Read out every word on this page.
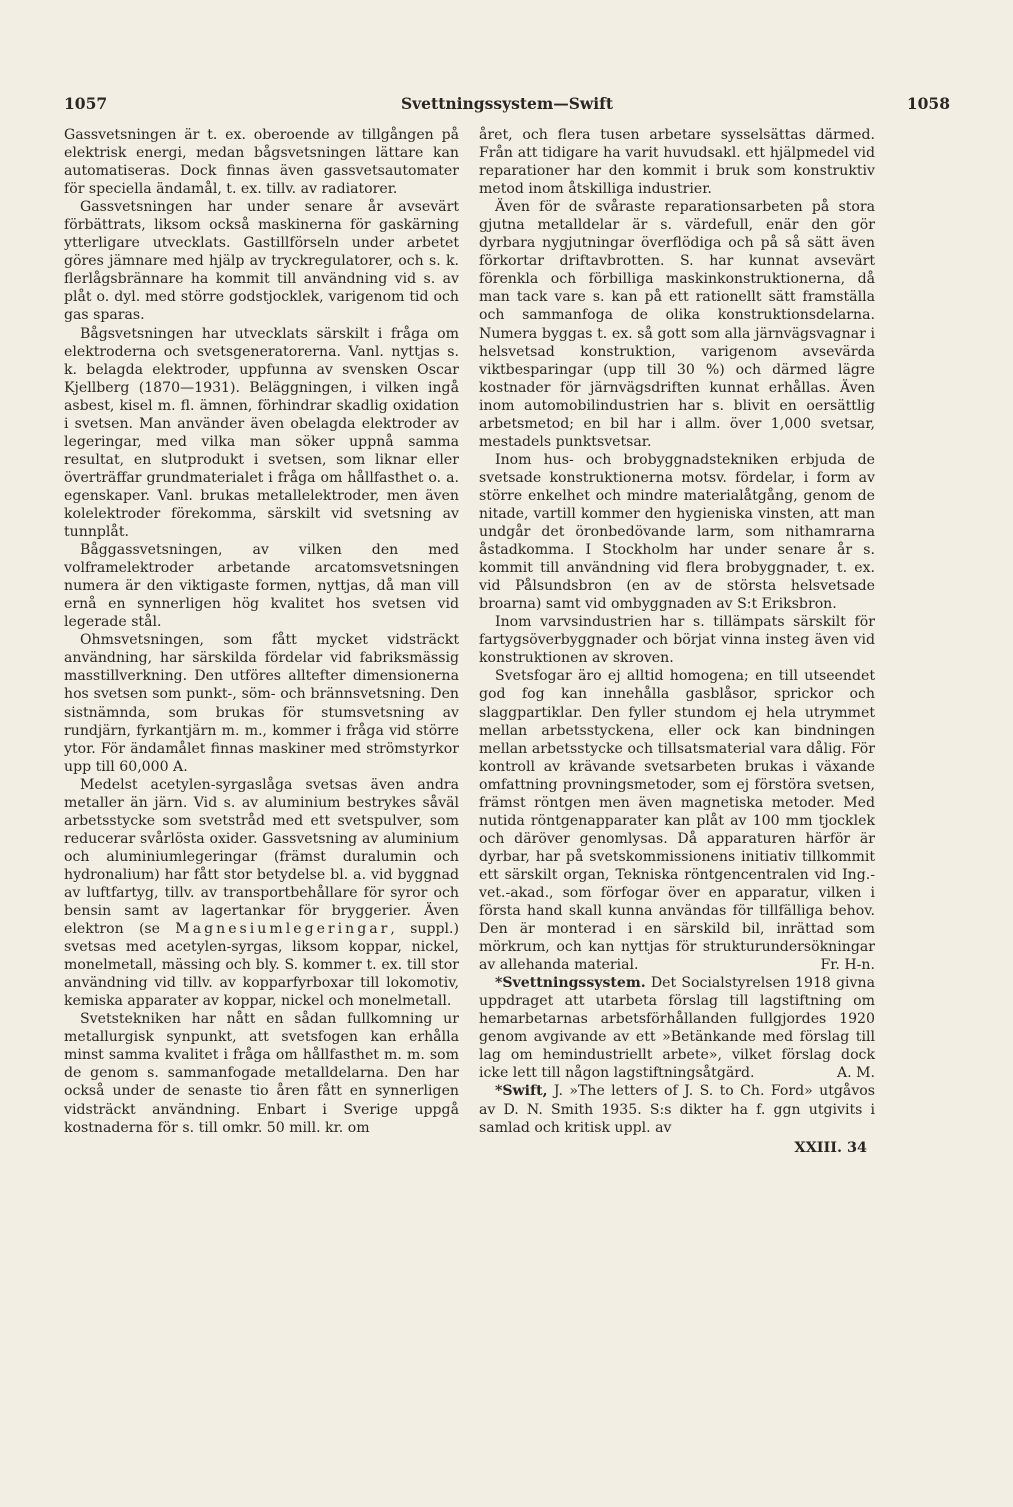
1057	Svettningssystem—Swift	1058

Gassvetsningen är t. ex. oberoende av tillgången på elektrisk energi, medan bågsvetsningen lättare kan automatiseras. Dock finnas även gassvetsautomater för speciella ändamål, t. ex. tillv. av radiatorer.

Gassvetsningen har under senare år avsevärt förbättrats, liksom också maskinerna för gaskärning ytterligare utvecklats. Gastillförseln under arbetet göres jämnare med hjälp av tryckregulatorer, och s. k. flerlågsbrännare ha kommit till användning vid s. av plåt o. dyl. med större godstjocklek, varigenom tid och gas sparas.

Bågsvetsningen har utvecklats särskilt i fråga om elektroderna och svetsgeneratorerna. Vanl. nyttjas s. k. belagda elektroder, uppfunna av svensken Oscar Kjellberg (1870—1931). Beläggningen, i vilken ingå asbest, kisel m. fl. ämnen, förhindrar skadlig oxidation i svetsen. Man använder även obelagda elektroder av legeringar, med vilka man söker uppnå samma resultat, en slutprodukt i svetsen, som liknar eller överträffar grundmaterialet i fråga om hållfasthet o. a. egenskaper. Vanl. brukas metallelektroder, men även kolelektroder förekomma, särskilt vid svetsning av tunnplåt.

Båggassvetsningen, av vilken den med volframelektroder arbetande arcatomsvetsningen numera är den viktigaste formen, nyttjas, då man vill ernå en synnerligen hög kvalitet hos svetsen vid legerade stål.

Ohmsvetsningen, som fått mycket vidsträckt användning, har särskilda fördelar vid fabriksmässig masstillverkning. Den utföres alltefter dimensionerna hos svetsen som punkt-, söm- och brännsvetsning. Den sistnämnda, som brukas för stumsvetsning av rundjärn, fyrkantjärn m. m., kommer i fråga vid större ytor. För ändamålet finnas maskiner med strömstyrkor upp till 60,000 A.

Medelst acetylen-syrgaslåga svetsas även andra metaller än järn. Vid s. av aluminium bestrykes såväl arbetsstycke som svetstråd med ett svetspulver, som reducerar svårlösta oxider. Gassvetsning av aluminium och aluminiumlegeringar (främst duralumin och hydronalium) har fått stor betydelse bl. a. vid byggnad av luftfartyg, tillv. av transportbehållare för syror och bensin samt av lagertankar för bryggerier. Även elektron (se Magnesiumlegeringar, suppl.) svetsas med acetylen-syrgas, liksom koppar, nickel, monelmetall, mässing och bly. S. kommer t. ex. till stor användning vid tillv. av kopparfyrboxar till lokomotiv, kemiska apparater av koppar, nickel och monelmetall.

Svetstekniken har nått en sådan fullkomning ur metallurgisk synpunkt, att svetsfogen kan erhålla minst samma kvalitet i fråga om hållfasthet m. m. som de genom s. sammanfogade metalldelarna. Den har också under de senaste tio åren fått en synnerligen vidsträckt användning. Enbart i Sverige uppgå kostnaderna för s. till omkr. 50 mill. kr. om

året, och flera tusen arbetare sysselsättas därmed. Från att tidigare ha varit huvudsakl. ett hjälpmedel vid reparationer har den kommit i bruk som konstruktiv metod inom åtskilliga industrier.

Även för de svåraste reparationsarbeten på stora gjutna metalldelar är s. värdefull, enär den gör dyrbara nygjutningar överflödiga och på så sätt även förkortar driftavbrotten. S. har kunnat avsevärt förenkla och förbilliga maskinkonstruktionerna, då man tack vare s. kan på ett rationellt sätt framställa och sammanfoga de olika konstruktionsdelarna. Numera byggas t. ex. så gott som alla järnvägsvagnar i helsvetsad konstruktion, varigenom avsevärda viktbesparingar (upp till 30 %) och därmed lägre kostnader för järnvägsdriften kunnat erhållas. Även inom automobilindustrien har s. blivit en oersättlig arbetsmetod; en bil har i allm. över 1,000 svetsar, mestadels punktsvetsar.

Inom hus- och brobyggnadstekniken erbjuda de svetsade konstruktionerna motsv. fördelar, i form av större enkelhet och mindre materialåtgång, genom de nitade, vartill kommer den hygieniska vinsten, att man undgår det öronbedövande larm, som nithamrarna åstadkomma. I Stockholm har under senare år s. kommit till användning vid flera brobyggnader, t. ex. vid Pålsundsbron (en av de största helsvetsade broarna) samt vid ombyggnaden av S:t Eriksbron.

Inom varvsindustrien har s. tillämpats särskilt för fartygsöverbyggnader och börjat vinna insteg även vid konstruktionen av skroven.

Svetsfogar äro ej alltid homogena; en till utseendet god fog kan innehålla gasblåsor, sprickor och slaggpartiklar. Den fyller stundom ej hela utrymmet mellan arbetsstyckena, eller ock kan bindningen mellan arbetsstycke och tillsatsmaterial vara dålig. För kontroll av krävande svetsarbeten brukas i växande omfattning provningsmetoder, som ej förstöra svetsen, främst röntgen men även magnetiska metoder. Med nutida röntgenapparater kan plåt av 100 mm tjocklek och däröver genomlysas. Då apparaturen härför är dyrbar, har på svetskommissionens initiativ tillkommit ett särskilt organ, Tekniska röntgencentralen vid Ing.-vet.-akad., som förfogar över en apparatur, vilken i första hand skall kunna användas för tillfälliga behov. Den är monterad i en särskild bil, inrättad som mörkrum, och kan nyttjas för strukturundersökningar av allehanda material.	Fr. H-n.

*Svettningssystem. Det Socialstyrelsen 1918 givna uppdraget att utarbeta förslag till lagstiftning om hemarbetarnas arbetsförhållanden fullgjordes 1920 genom avgivande av ett »Betänkande med förslag till lag om hemindustriellt arbete», vilket förslag dock icke lett till någon lagstiftningsåtgärd.	A. M.

*Swift, J. »The letters of J. S. to Ch. Ford» utgåvos av D. N. Smith 1935. S:s dikter ha f. ggn utgivits i samlad och kritisk uppl. av

XXIII. 34
